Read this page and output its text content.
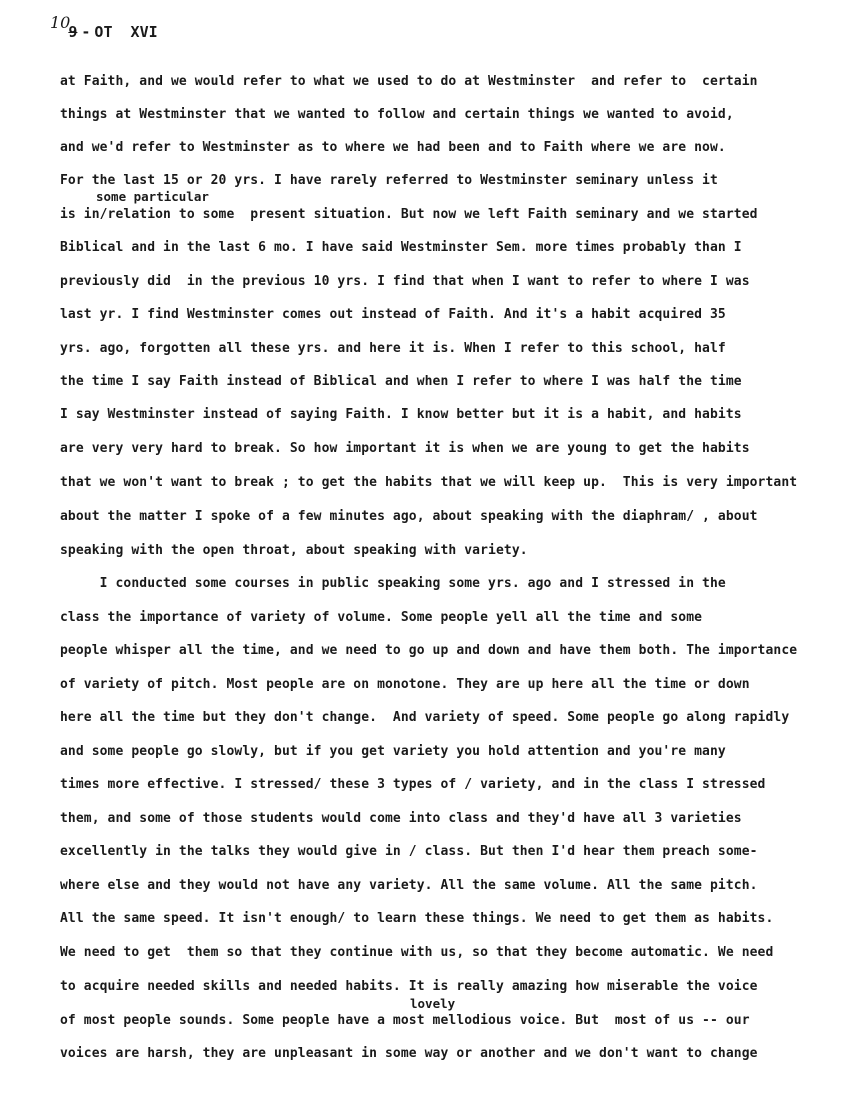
109 - OT  XVI
some particular
lovely
at Faith, and we would refer to what we used to do at Westminster  and refer to  certain
things at Westminster that we wanted to follow and certain things we wanted to avoid,
and we'd refer to Westminster as to where we had been and to Faith where we are now.
For the last 15 or 20 yrs. I have rarely referred to Westminster seminary unless it
is in/relation to some  present situation. But now we left Faith seminary and we started
Biblical and in the last 6 mo. I have said Westminster Sem. more times probably than I
previously did  in the previous 10 yrs. I find that when I want to refer to where I was
last yr. I find Westminster comes out instead of Faith. And it's a habit acquired 35
yrs. ago, forgotten all these yrs. and here it is. When I refer to this school, half
the time I say Faith instead of Biblical and when I refer to where I was half the time
I say Westminster instead of saying Faith. I know better but it is a habit, and habits
are very very hard to break. So how important it is when we are young to get the habits
that we won't want to break ; to get the habits that we will keep up.  This is very important
about the matter I spoke of a few minutes ago, about speaking with the diaphram/ , about
speaking with the open throat, about speaking with variety.
I conducted some courses in public speaking some yrs. ago and I stressed in the
class the importance of variety of volume. Some people yell all the time and some
people whisper all the time, and we need to go up and down and have them both. The importance
of variety of pitch. Most people are on monotone. They are up here all the time or down
here all the time but they don't change.  And variety of speed. Some people go along rapidly
and some people go slowly, but if you get variety you hold attention and you're many
times more effective. I stressed/ these 3 types of / variety, and in the class I stressed
them, and some of those students would come into class and they'd have all 3 varieties
excellently in the talks they would give in / class. But then I'd hear them preach some-
where else and they would not have any variety. All the same volume. All the same pitch.
All the same speed. It isn't enough/ to learn these things. We need to get them as habits.
We need to get  them so that they continue with us, so that they become automatic. We need
to acquire needed skills and needed habits. It is really amazing how miserable the voice
of most people sounds. Some people have a most mellodious voice. But  most of us -- our
voices are harsh, they are unpleasant in some way or another and we don't want to change
